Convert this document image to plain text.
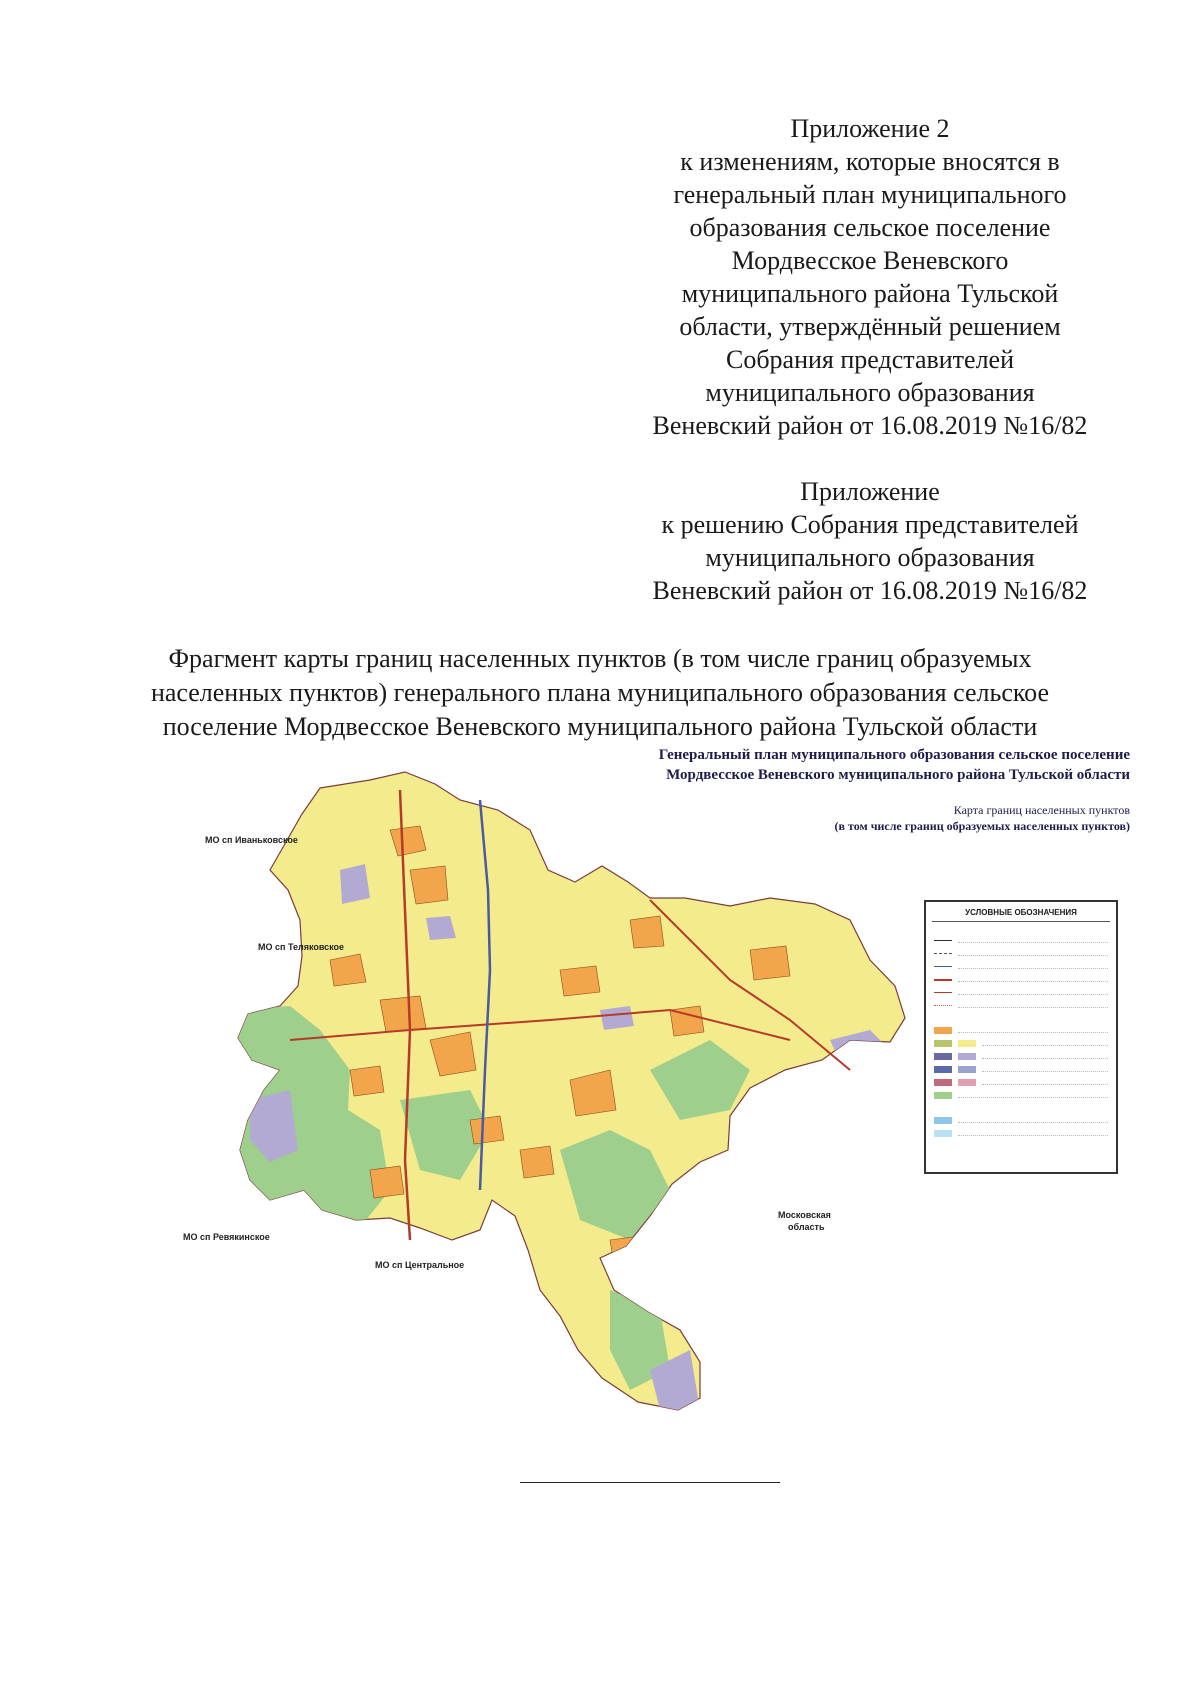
Приложение 2
к изменениям, которые вносятся в
генеральный план муниципального
образования сельское поселение
Мордвесское Веневского
муниципального района Тульской
области, утверждённый решением
Собрания представителей
муниципального образования
Веневский район от 16.08.2019 №16/82
Приложение
к решению Собрания представителей
муниципального образования
Веневский район от 16.08.2019 №16/82
Фрагмент карты границ населенных пунктов (в том числе границ образуемых
населенных пунктов) генерального плана муниципального образования сельское
поселение Мордвесское Веневского муниципального района Тульской области
Генеральный план муниципального образования сельское поселение
Мордвесское Веневского муниципального района Тульской области
Карта границ населенных пунктов
(в том числе границ образуемых населенных пунктов)
МО сп Иваньковское
МО сп Теляковское
МО сп Ревякинское
МО сп Центральное
Московская
область
УСЛОВНЫЕ ОБОЗНАЧЕНИЯ
